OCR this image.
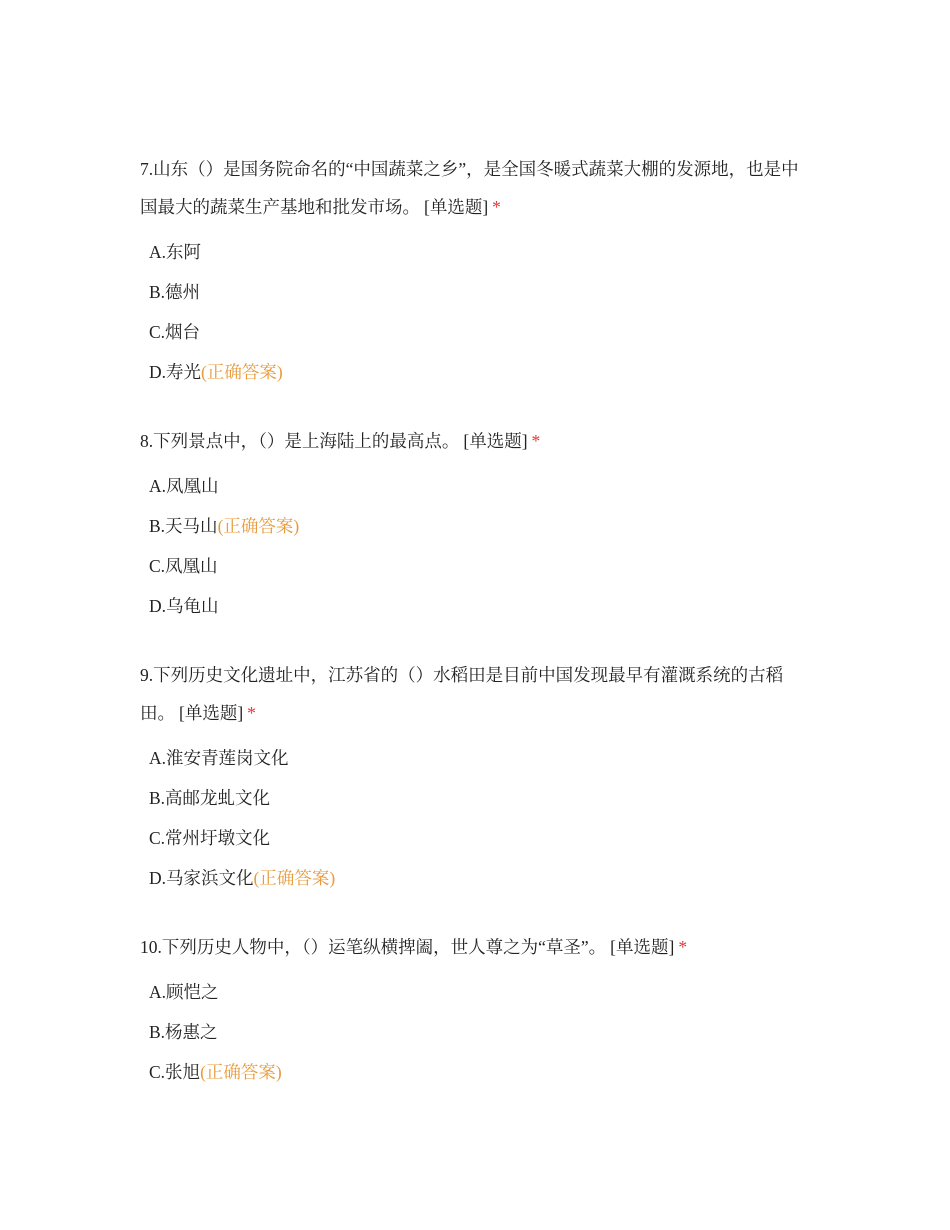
7.山东（）是国务院命名的“中国蔬菜之乡”，是全国冬暖式蔬菜大棚的发源地，也是中国最大的蔬菜生产基地和批发市场。 [单选题] *
A.东阿
B.德州
C.烟台
D.寿光(正确答案)
8.下列景点中，（）是上海陆上的最高点。 [单选题] *
A.凤凰山
B.天马山(正确答案)
C.凤凰山
D.乌龟山
9.下列历史文化遗址中，江苏省的（）水稻田是目前中国发现最早有灌溉系统的古稻田。 [单选题] *
A.淮安青莲岗文化
B.高邮龙虬文化
C.常州圩墩文化
D.马家浜文化(正确答案)
10.下列历史人物中，（）运笔纵横捭阖，世人尊之为“草圣”。 [单选题] *
A.顾恺之
B.杨惠之
C.张旭(正确答案)
